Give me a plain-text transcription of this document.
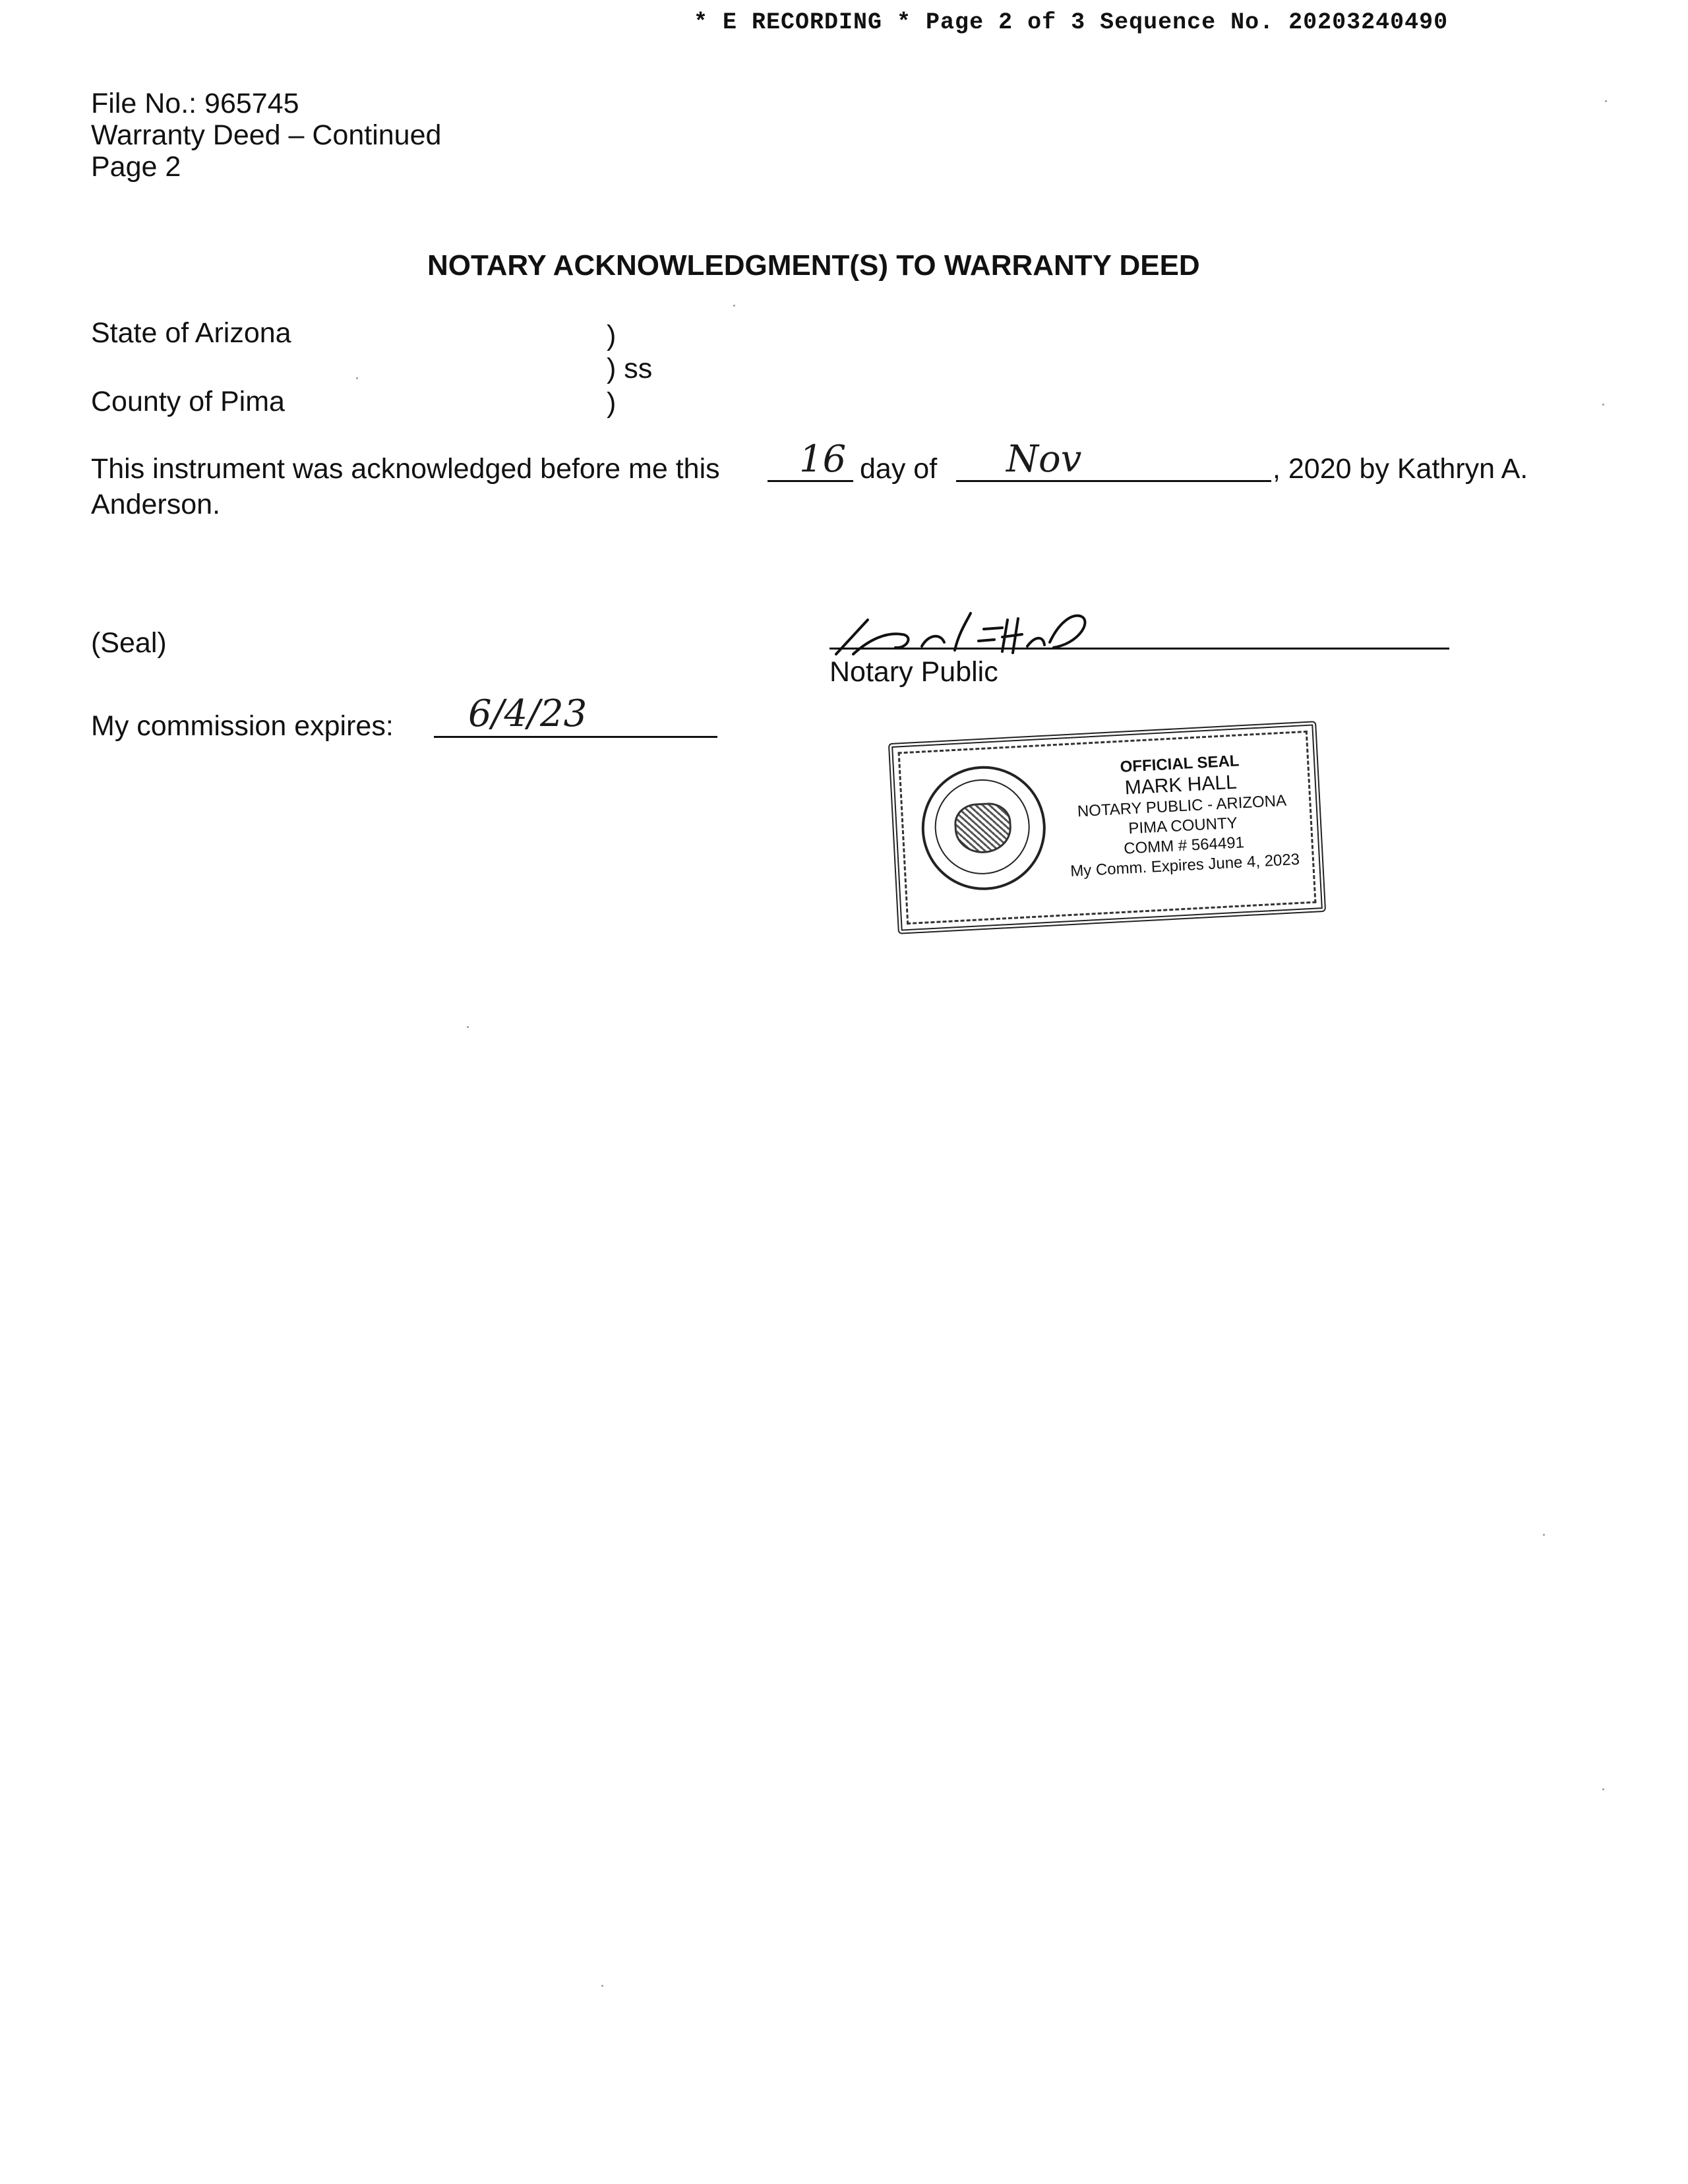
* E RECORDING * Page 2 of 3 Sequence No. 20203240490
File No.: 965745
Warranty Deed – Continued
Page 2
NOTARY ACKNOWLEDGMENT(S) TO WARRANTY DEED
State of Arizona	)
) ss
)
County of Pima
This instrument was acknowledged before me this 16 day of Nov	, 2020 by Kathryn A.
Anderson.
(Seal)
Notary Public
My commission expires: 6/4/23
OFFICIAL SEAL
MARK HALL
NOTARY PUBLIC - ARIZONA
PIMA COUNTY
COMM # 564491
My Comm. Expires June 4, 2023
